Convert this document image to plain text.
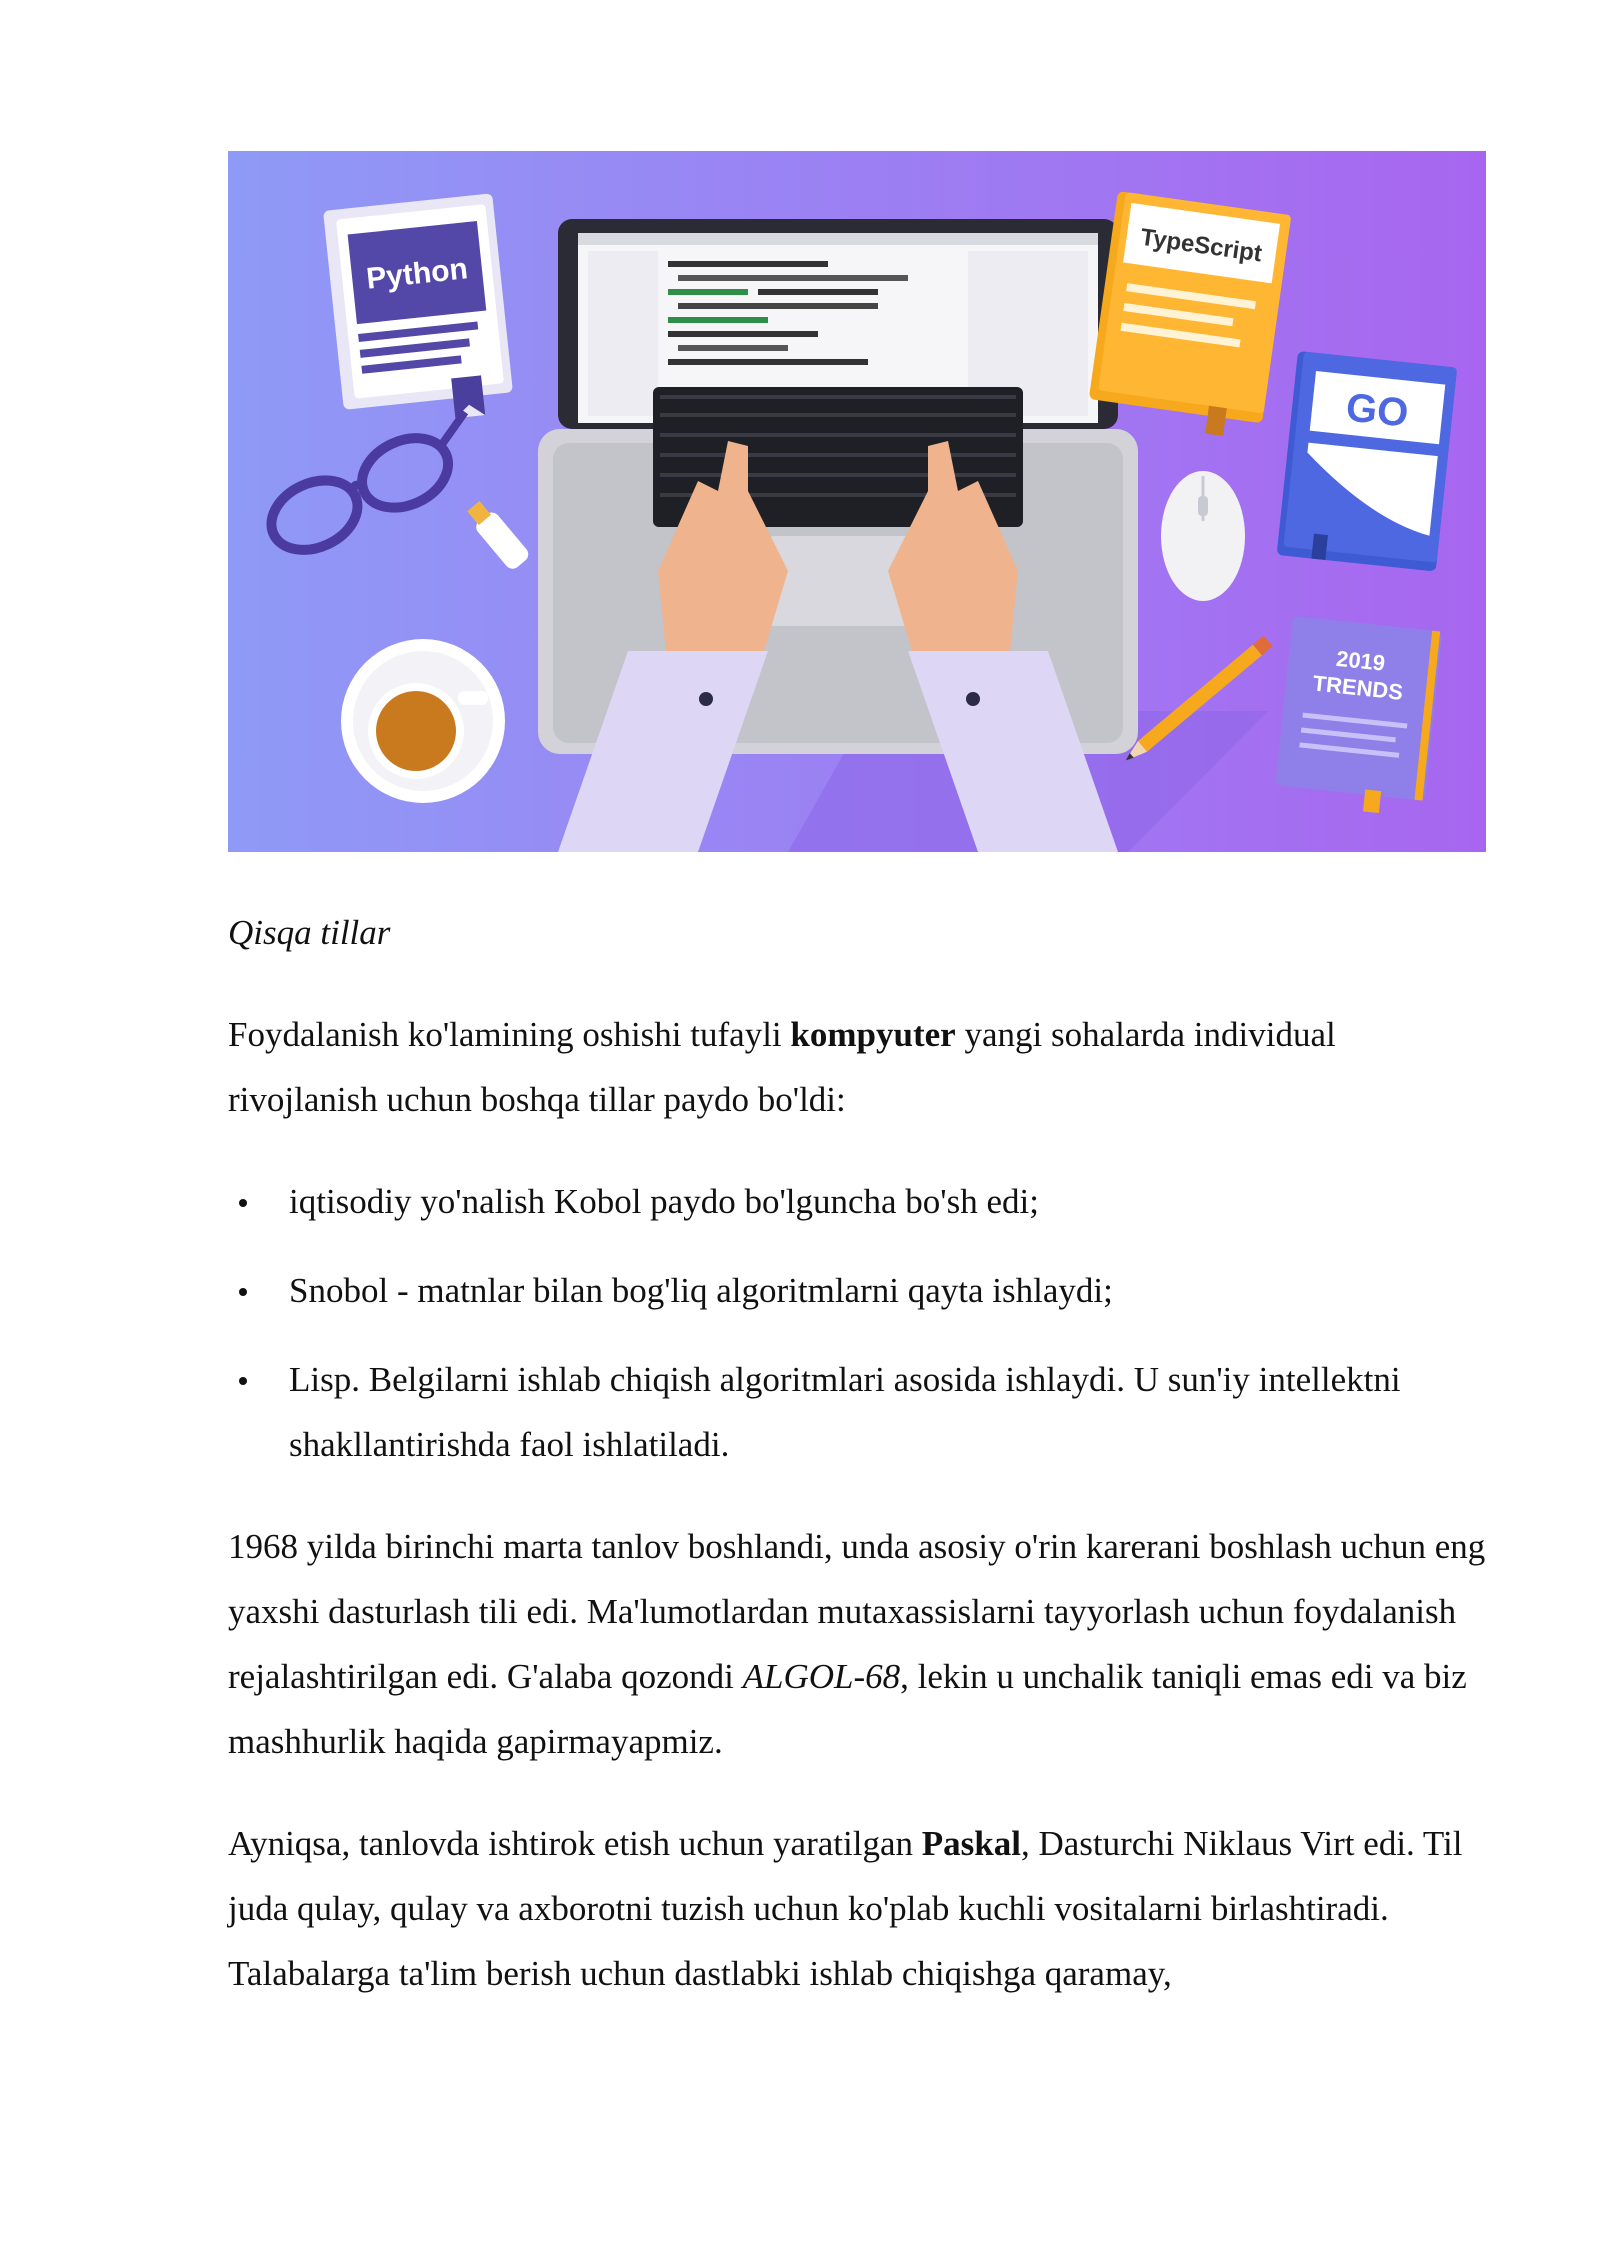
Python
TypeScript
GO
2019
TRENDS

Qisqa tillar

Foydalanish ko'lamining oshishi tufayli kompyuter yangi sohalarda individual rivojlanish uchun boshqa tillar paydo bo'ldi:

iqtisodiy yo'nalish Kobol paydo bo'lguncha bo'sh edi;
Snobol - matnlar bilan bog'liq algoritmlarni qayta ishlaydi;
Lisp. Belgilarni ishlab chiqish algoritmlari asosida ishlaydi. U sun'iy intellektni shakllantirishda faol ishlatiladi.

1968 yilda birinchi marta tanlov boshlandi, unda asosiy o'rin karerani boshlash uchun eng yaxshi dasturlash tili edi. Ma'lumotlardan mutaxassislarni tayyorlash uchun foydalanish rejalashtirilgan edi. G'alaba qozondi ALGOL-68, lekin u unchalik taniqli emas edi va biz mashhurlik haqida gapirmayapmiz.

Ayniqsa, tanlovda ishtirok etish uchun yaratilgan Paskal, Dasturchi Niklaus Virt edi. Til juda qulay, qulay va axborotni tuzish uchun ko'plab kuchli vositalarni birlashtiradi. Talabalarga ta'lim berish uchun dastlabki ishlab chiqishga qaramay,
